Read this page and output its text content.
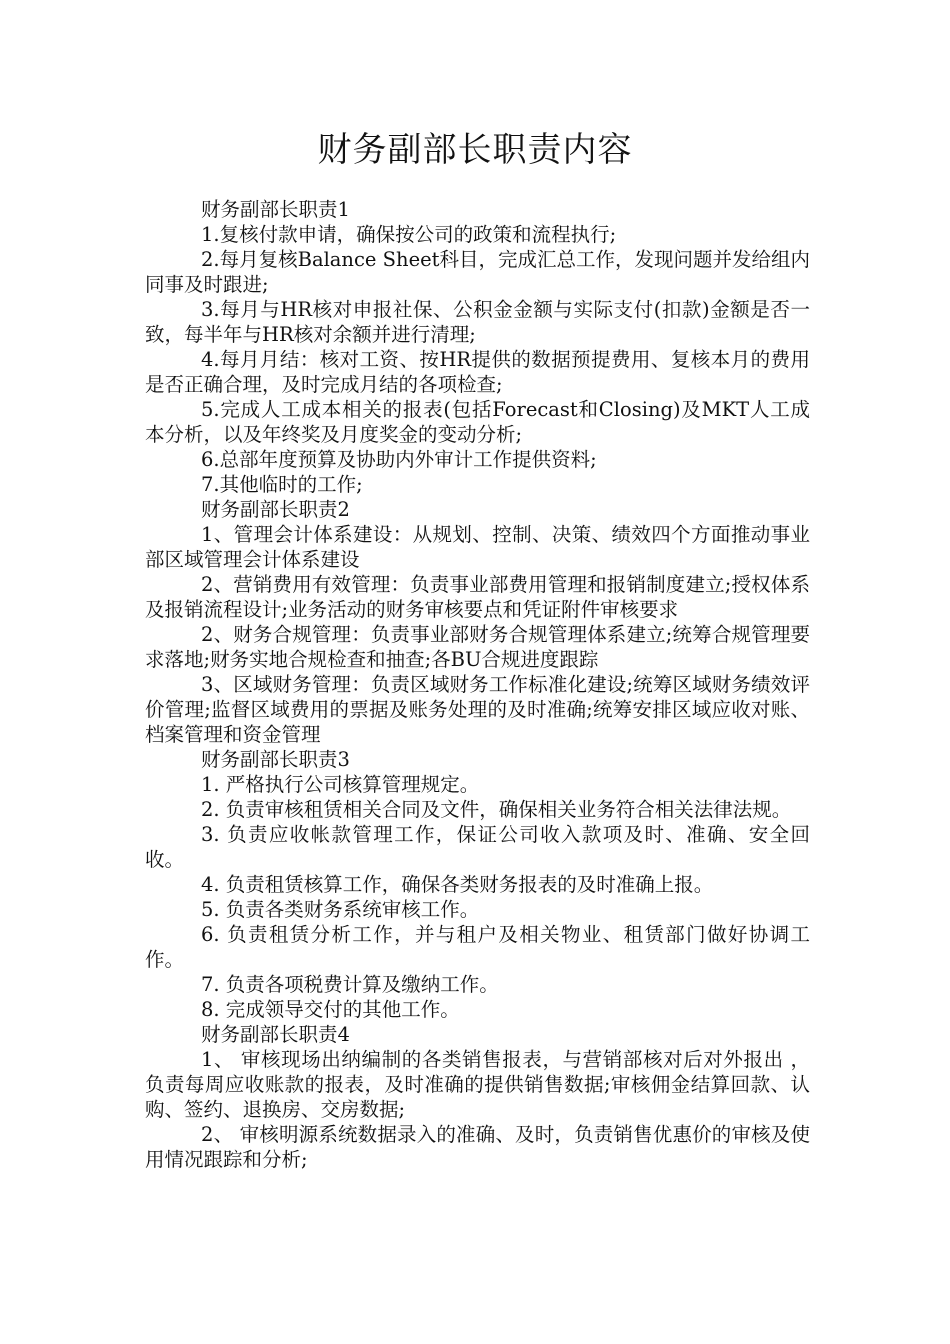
财务副部长职责内容

财务副部长职责1

1.复核付款申请，确保按公司的政策和流程执行;

2.每月复核Balance Sheet科目，完成汇总工作，发现问题并发给组内同事及时跟进;

3.每月与HR核对申报社保、公积金金额与实际支付(扣款)金额是否一致，每半年与HR核对余额并进行清理;

4.每月月结：核对工资、按HR提供的数据预提费用、复核本月的费用是否正确合理，及时完成月结的各项检查;

5.完成人工成本相关的报表(包括Forecast和Closing)及MKT人工成本分析，以及年终奖及月度奖金的变动分析;

6.总部年度预算及协助内外审计工作提供资料;

7.其他临时的工作;

财务副部长职责2

1、管理会计体系建设：从规划、控制、决策、绩效四个方面推动事业部区域管理会计体系建设

2、营销费用有效管理：负责事业部费用管理和报销制度建立;授权体系及报销流程设计;业务活动的财务审核要点和凭证附件审核要求

2、财务合规管理：负责事业部财务合规管理体系建立;统筹合规管理要求落地;财务实地合规检查和抽查;各BU合规进度跟踪

3、区域财务管理：负责区域财务工作标准化建设;统筹区域财务绩效评价管理;监督区域费用的票据及账务处理的及时准确;统筹安排区域应收对账、档案管理和资金管理

财务副部长职责3

1. 严格执行公司核算管理规定。

2. 负责审核租赁相关合同及文件，确保相关业务符合相关法律法规。

3. 负责应收帐款管理工作，保证公司收入款项及时、准确、安全回收。

4. 负责租赁核算工作，确保各类财务报表的及时准确上报。

5. 负责各类财务系统审核工作。

6. 负责租赁分析工作，并与租户及相关物业、租赁部门做好协调工作。

7. 负责各项税费计算及缴纳工作。

8. 完成领导交付的其他工作。

财务副部长职责4

1、 审核现场出纳编制的各类销售报表，与营销部核对后对外报出 ，负责每周应收账款的报表，及时准确的提供销售数据;审核佣金结算回款、认购、签约、退换房、交房数据;

2、 审核明源系统数据录入的准确、及时，负责销售优惠价的审核及使用情况跟踪和分析;
